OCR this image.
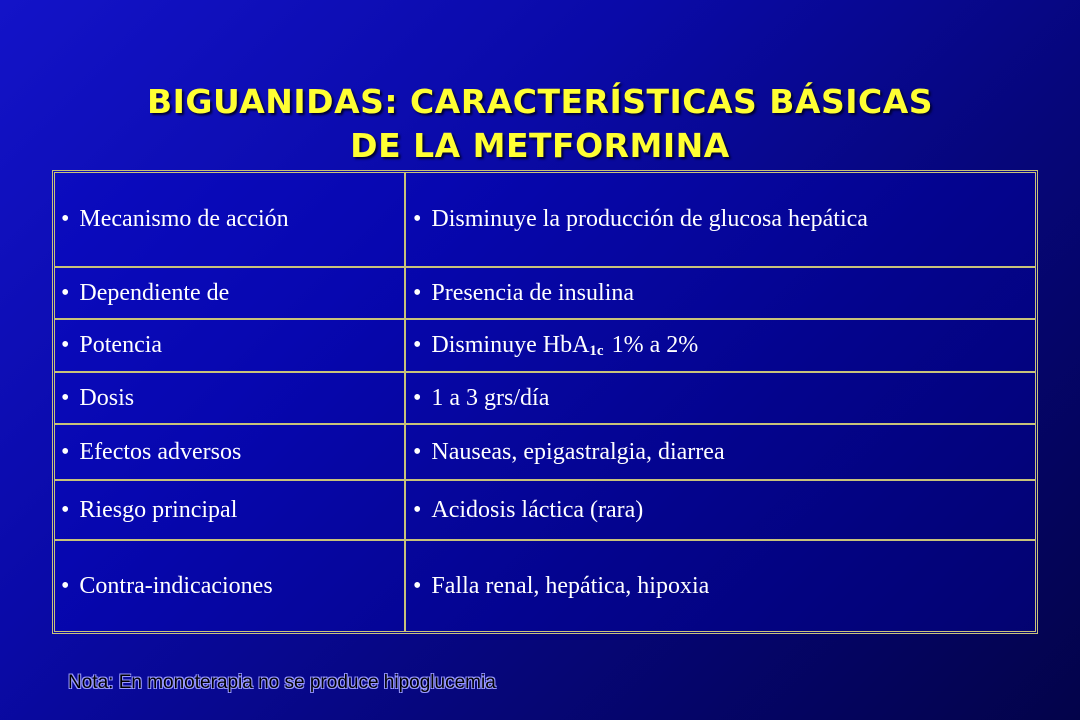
BIGUANIDAS: CARACTERÍSTICAS BÁSICAS
DE LA METFORMINA
• Mecanismo de acción	• Disminuye la producción de glucosa hepática
• Dependiente de	• Presencia de insulina
• Potencia	• Disminuye HbA$_{1c}$ 1% a 2%
• Dosis	• 1 a 3 grs/día
• Efectos adversos	• Nauseas, epigastralgia, diarrea
• Riesgo principal	• Acidosis láctica (rara)
• Contra-indicaciones	• Falla renal, hepática, hipoxia
Nota: En monoterapia no se produce hipoglucemia
